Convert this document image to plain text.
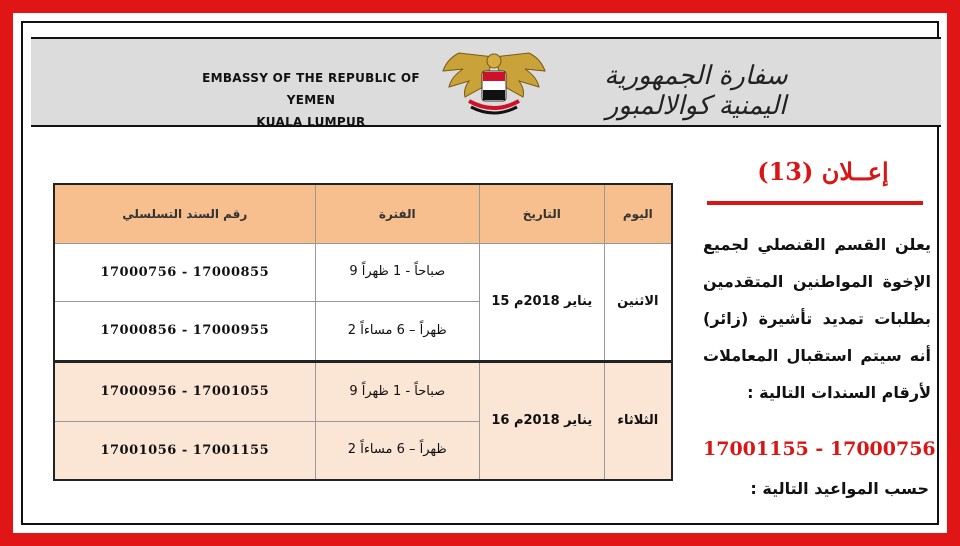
EMBASSY OF THE REPUBLIC OF YEMEN
KUALA LUMPUR
سفارة الجمهورية اليمنية كوالالمبور
إعــلان (13)
يعلن القسم القنصلي لجميع الإخوة المواطنين المتقدمين بطلبات تمديد تأشيرة (زائر) أنه سيتم استقبال المعاملات لأرقام السندات التالية :
17001155 - 17000756
حسب المواعيد التالية :
رقم السند التسلسلي	الفترة	التاريخ	اليوم
17000756 - 17000855	9 صباحاً - 1 ظهراً	15 يناير 2018م	الاثنين
17000856 - 17000955	2 ظهراً – 6 مساءاً		
17000956 - 17001055	9 صباحاً - 1 ظهراً	16 يناير 2018م	الثلاثاء
17001056 - 17001155	2 ظهراً – 6 مساءاً		
